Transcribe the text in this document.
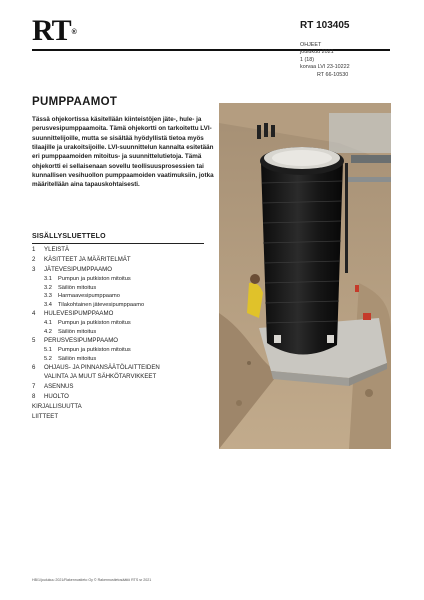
RT®
RT 103405
OHJEET
joulukuu 2021
1 (18)
korvaa LVI 23-10222
RT 66-10530
PUMPPAAMOT
Tässä ohjekortissa käsitellään kiinteistöjen jäte-, hule- ja perusvesipumppaamoita. Tämä ohjekortti on tarkoitettu LVI-suunnittelijoille, mutta se sisältää hyödyllistä tietoa myös tilaajille ja urakoitsijoille. LVI-suunnittelun kannalta esitetään eri pumppaamoiden mitoitus- ja suunnittelutietoja. Tämä ohjekortti ei sellaisenaan sovellu teollisuusprosessien tai kunnallisen vesihuollon pumppaamoiden vaatimuksiin, jotka määritellään aina tapauskohtaisesti.
SISÄLLYSLUETTELO
1 YLEISTÄ
2 KÄSITTEET JA MÄÄRITELMÄT
3 JÄTEVESIPUMPPAAMO
3.1 Pumpun ja putkiston mitoitus
3.2 Säiliön mitoitus
3.3 Harmaavesipumppaamo
3.4 Tilakohtainen jätevesipumppaamo
4 HULEVESIPUMPPAAMO
4.1 Pumpun ja putkiston mitoitus
4.2 Säiliön mitoitus
5 PERUSVESIPUMPPAAMO
5.1 Pumpun ja putkiston mitoitus
5.2 Säiliön mitoitus
6 OHJAUS- JA PINNANSÄÄTÖLAITTEIDEN VALINTA JA MUUT SÄHKÖTARVIKKEET
7 ASENNUS
8 HUOLTO
KIRJALLISUUTTA
LIITTEET
HB/1/joulukuu 2021/Rakennustieto Oy © Rakennustietosäätiö RTS sr 2021
